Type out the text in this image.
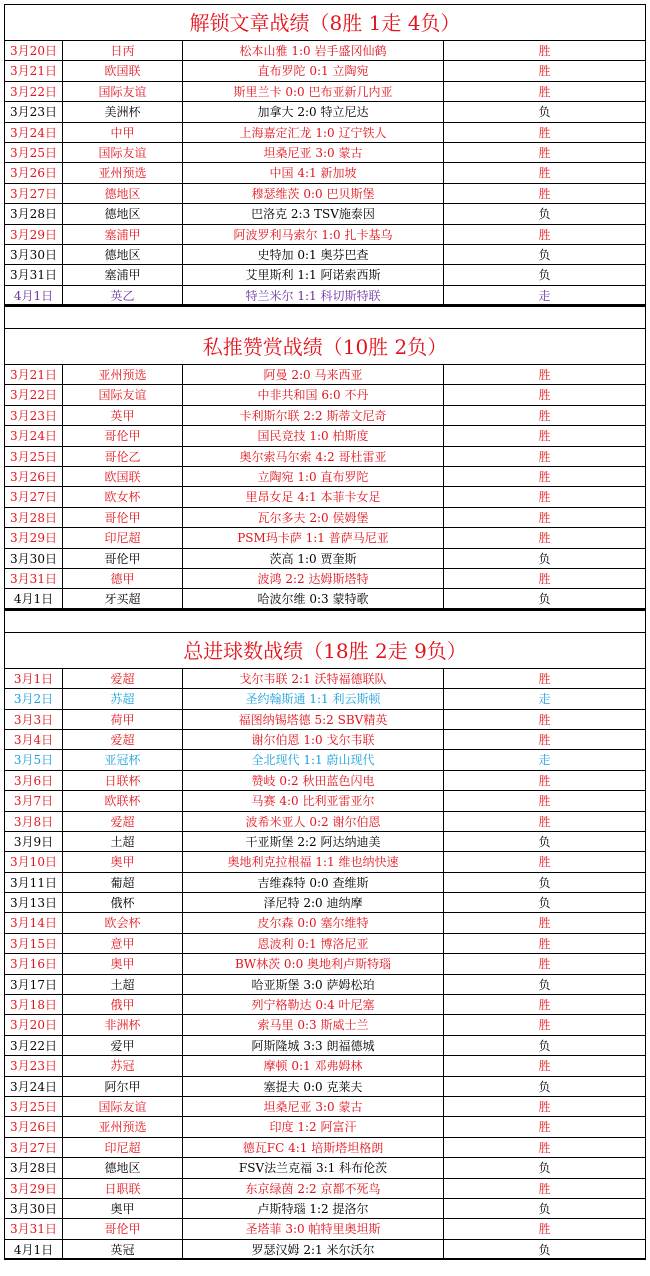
解锁文章战绩（8胜 1走 4负）
3月20日	日丙	松本山雅 1:0 岩手盛冈仙鹤	胜
3月21日	欧国联	直布罗陀 0:1 立陶宛	胜
3月22日	国际友谊	斯里兰卡 0:0 巴布亚新几内亚	胜
3月23日	美洲杯	加拿大 2:0 特立尼达	负
3月24日	中甲	上海嘉定汇龙 1:0 辽宁铁人	胜
3月25日	国际友谊	坦桑尼亚 3:0 蒙古	胜
3月26日	亚州预选	中国 4:1 新加坡	胜
3月27日	德地区	穆瑟维茨 0:0 巴贝斯堡	胜
3月28日	德地区	巴洛克 2:3 TSV施泰因	负
3月29日	塞浦甲	阿波罗利马索尔 1:0 扎卡基乌	胜
3月30日	德地区	史特加 0:1 奥芬巴查	负
3月31日	塞浦甲	艾里斯利 1:1 阿诺索西斯	负
4月1日	英乙	特兰米尔 1:1 科切斯特联	走
私推赞赏战绩（10胜 2负）
3月21日	亚州预选	阿曼 2:0 马来西亚	胜
3月22日	国际友谊	中非共和国 6:0 不丹	胜
3月23日	英甲	卡利斯尔联 2:2 斯蒂文尼奇	胜
3月24日	哥伦甲	国民竞技 1:0 柏斯度	胜
3月25日	哥伦乙	奥尔索马尔索 4:2 哥杜雷亚	胜
3月26日	欧国联	立陶宛 1:0 直布罗陀	胜
3月27日	欧女杯	里昂女足 4:1 本菲卡女足	胜
3月28日	哥伦甲	瓦尔多夫 2:0 侯姆堡	胜
3月29日	印尼超	PSM玛卡萨 1:1 普萨马尼亚	胜
3月30日	哥伦甲	茨高 1:0 贾奎斯	负
3月31日	德甲	波鸿 2:2 达姆斯塔特	胜
4月1日	牙买超	哈波尔维 0:3 蒙特歌	负
总进球数战绩（18胜 2走 9负）
3月1日	爱超	戈尔韦联 2:1 沃特福德联队	胜
3月2日	苏超	圣约翰斯通 1:1 利云斯顿	走
3月3日	荷甲	福图纳锡塔德 5:2 SBV精英	胜
3月4日	爱超	谢尔伯恩 1:0 戈尔韦联	胜
3月5日	亚冠杯	全北现代 1:1 蔚山现代	走
3月6日	日联杯	赞岐 0:2 秋田蓝色闪电	胜
3月7日	欧联杯	马赛 4:0 比利亚雷亚尔	胜
3月8日	爱超	波希米亚人 0:2 谢尔伯恩	胜
3月9日	土超	干亚斯堡 2:2 阿达纳迪美	负
3月10日	奥甲	奥地利克拉根福 1:1 维也纳快速	胜
3月11日	葡超	吉维森特 0:0 查维斯	负
3月13日	俄杯	泽尼特 2:0 迪纳摩	负
3月14日	欧会杯	皮尔森 0:0 塞尔维特	胜
3月15日	意甲	恩波利 0:1 博洛尼亚	胜
3月16日	奥甲	BW林茨 0:0 奥地利卢斯特瑙	胜
3月17日	土超	哈亚斯堡 3:0 萨姆松珀	负
3月18日	俄甲	列宁格勒达 0:4 叶尼塞	胜
3月20日	非洲杯	索马里 0:3 斯威士兰	胜
3月22日	爱甲	阿斯隆城 3:3 朗福德城	负
3月23日	苏冠	摩顿 0:1 邓弗姆林	胜
3月24日	阿尔甲	塞提夫 0:0 克莱夫	负
3月25日	国际友谊	坦桑尼亚 3:0 蒙古	胜
3月26日	亚州预选	印度 1:2 阿富汗	胜
3月27日	印尼超	德瓦FC 4:1 培斯塔坦格朗	胜
3月28日	德地区	FSV法兰克福 3:1 科布伦茨	负
3月29日	日职联	东京绿茵 2:2 京都不死鸟	胜
3月30日	奥甲	卢斯特瑙 1:2 提洛尔	负
3月31日	哥伦甲	圣塔菲 3:0 帕特里奥坦斯	胜
4月1日	英冠	罗瑟汉姆 2:1 米尔沃尔	负
